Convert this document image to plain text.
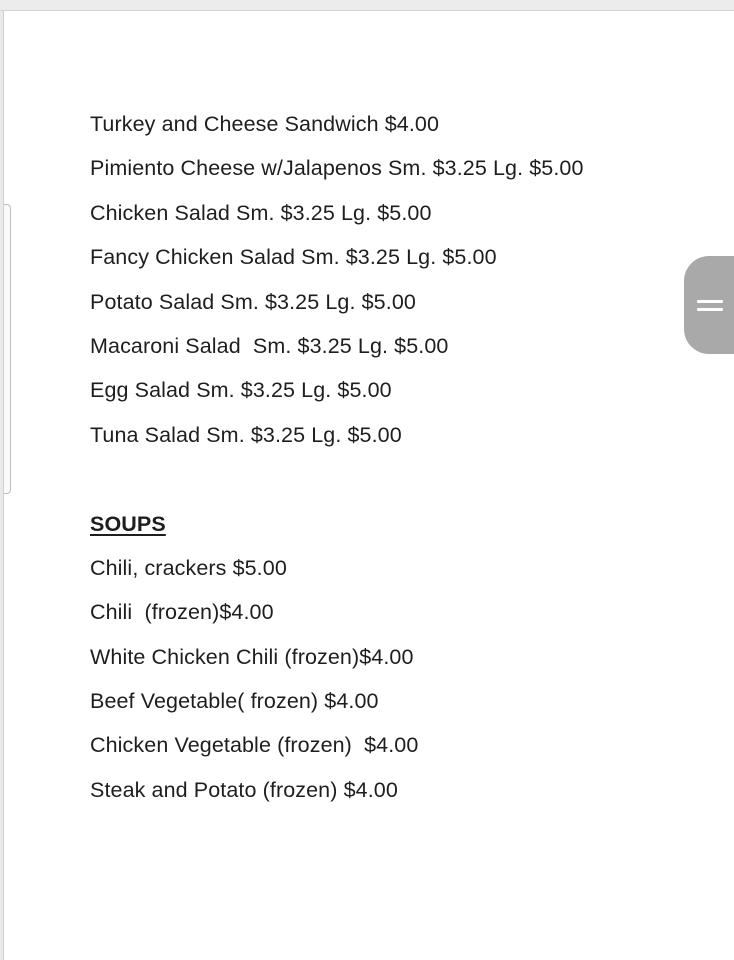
Turkey and Cheese Sandwich $4.00
Pimiento Cheese w/Jalapenos Sm. $3.25 Lg. $5.00
Chicken Salad Sm. $3.25 Lg. $5.00
Fancy Chicken Salad Sm. $3.25 Lg. $5.00
Potato Salad Sm. $3.25 Lg. $5.00
Macaroni Salad  Sm. $3.25 Lg. $5.00
Egg Salad Sm. $3.25 Lg. $5.00
Tuna Salad Sm. $3.25 Lg. $5.00
SOUPS
Chili, crackers $5.00
Chili  (frozen)$4.00
White Chicken Chili (frozen)$4.00
Beef Vegetable( frozen) $4.00
Chicken Vegetable (frozen)  $4.00
Steak and Potato (frozen) $4.00
